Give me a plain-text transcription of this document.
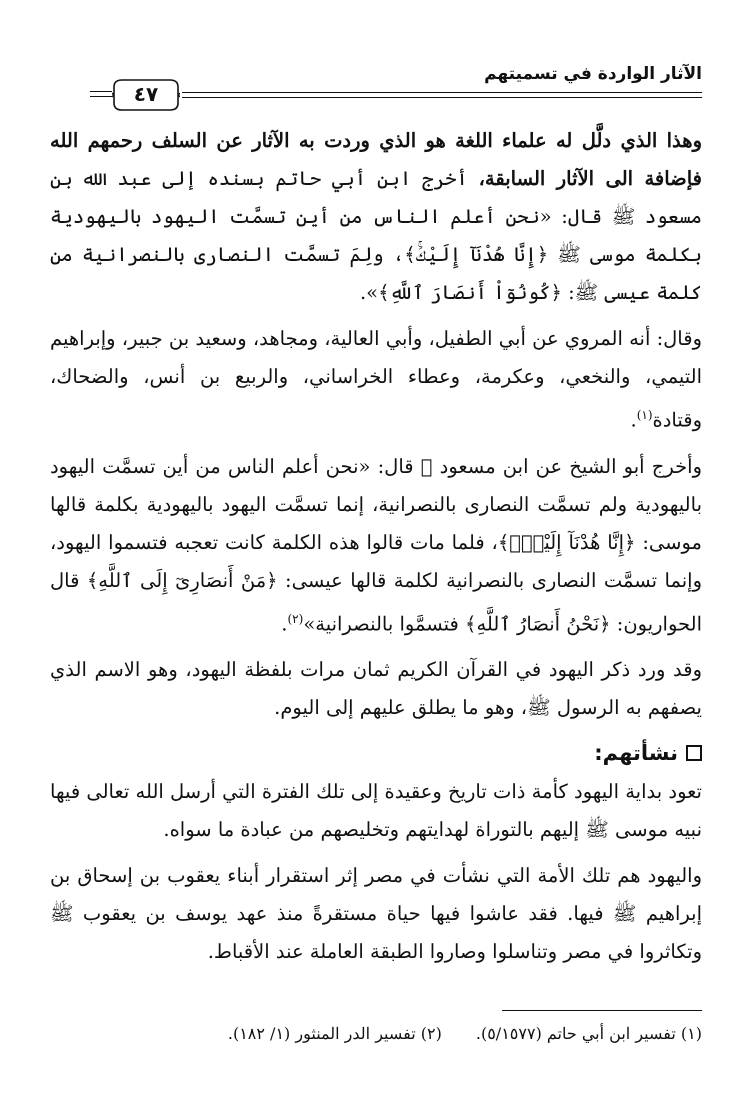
الآثار الواردة في تسميتهم
٤٧

وهذا الذي دلَّل له علماء اللغة هو الذي وردت به الآثار عن السلف رحمهم الله فإضافة الى الآثار السابقة، أخرج ابن أبي حاتم بسنده إلى عبد الله بن مسعود ﷺ قال: «نحن أعلم الناس من أين تسمَّت اليهود باليهودية بكلمة موسى ﷺ ﴿إِنَّا هُدْنَآ إِلَيْكَۚ﴾، ولِمَ تسمَّت النصارى بالنصرانية من كلمة عيسى ﷺ: ﴿كُونُوٓاْ أَنصَارَ ٱللَّهِ﴾».

وقال: أنه المروي عن أبي الطفيل، وأبي العالية، ومجاهد، وسعيد بن جبير، وإبراهيم التيمي، والنخعي، وعكرمة، وعطاء الخراساني، والربيع بن أنس، والضحاك، وقتادة$^{(١)}$.

وأخرج أبو الشيخ عن ابن مسعود ﷺ قال: «نحن أعلم الناس من أين تسمَّت اليهود باليهودية ولم تسمَّت النصارى بالنصرانية، إنما تسمَّت اليهود باليهودية بكلمة قالها موسى: ﴿إِنَّا هُدْنَآ إِلَيْكَۚ﴾، فلما مات قالوا هذه الكلمة كانت تعجبه فتسموا اليهود، وإنما تسمَّت النصارى بالنصرانية لكلمة قالها عيسى: ﴿مَنْ أَنصَارِىٓ إِلَى ٱللَّهِ﴾ قال الحواريون: ﴿نَحْنُ أَنصَارُ ٱللَّهِ﴾ فتسمَّوا بالنصرانية»$^{(٢)}$.

وقد ورد ذكر اليهود في القرآن الكريم ثمان مرات بلفظة اليهود، وهو الاسم الذي يصفهم به الرسول ﷺ، وهو ما يطلق عليهم إلى اليوم.

نشأتهم:

تعود بداية اليهود كأمة ذات تاريخ وعقيدة إلى تلك الفترة التي أرسل الله تعالى فيها نبيه موسى ﷺ إليهم بالتوراة لهدايتهم وتخليصهم من عبادة ما سواه.

واليهود هم تلك الأمة التي نشأت في مصر إثر استقرار أبناء يعقوب بن إسحاق بن إبراهيم ﷺ فيها. فقد عاشوا فيها حياة مستقرةً منذ عهد يوسف بن يعقوب ﷺ وتكاثروا في مصر وتناسلوا وصاروا الطبقة العاملة عند الأقباط.

(١) تفسير ابن أبي حاتم (٥/١٥٧٧).
(٢) تفسير الدر المنثور (١/ ١٨٢).
